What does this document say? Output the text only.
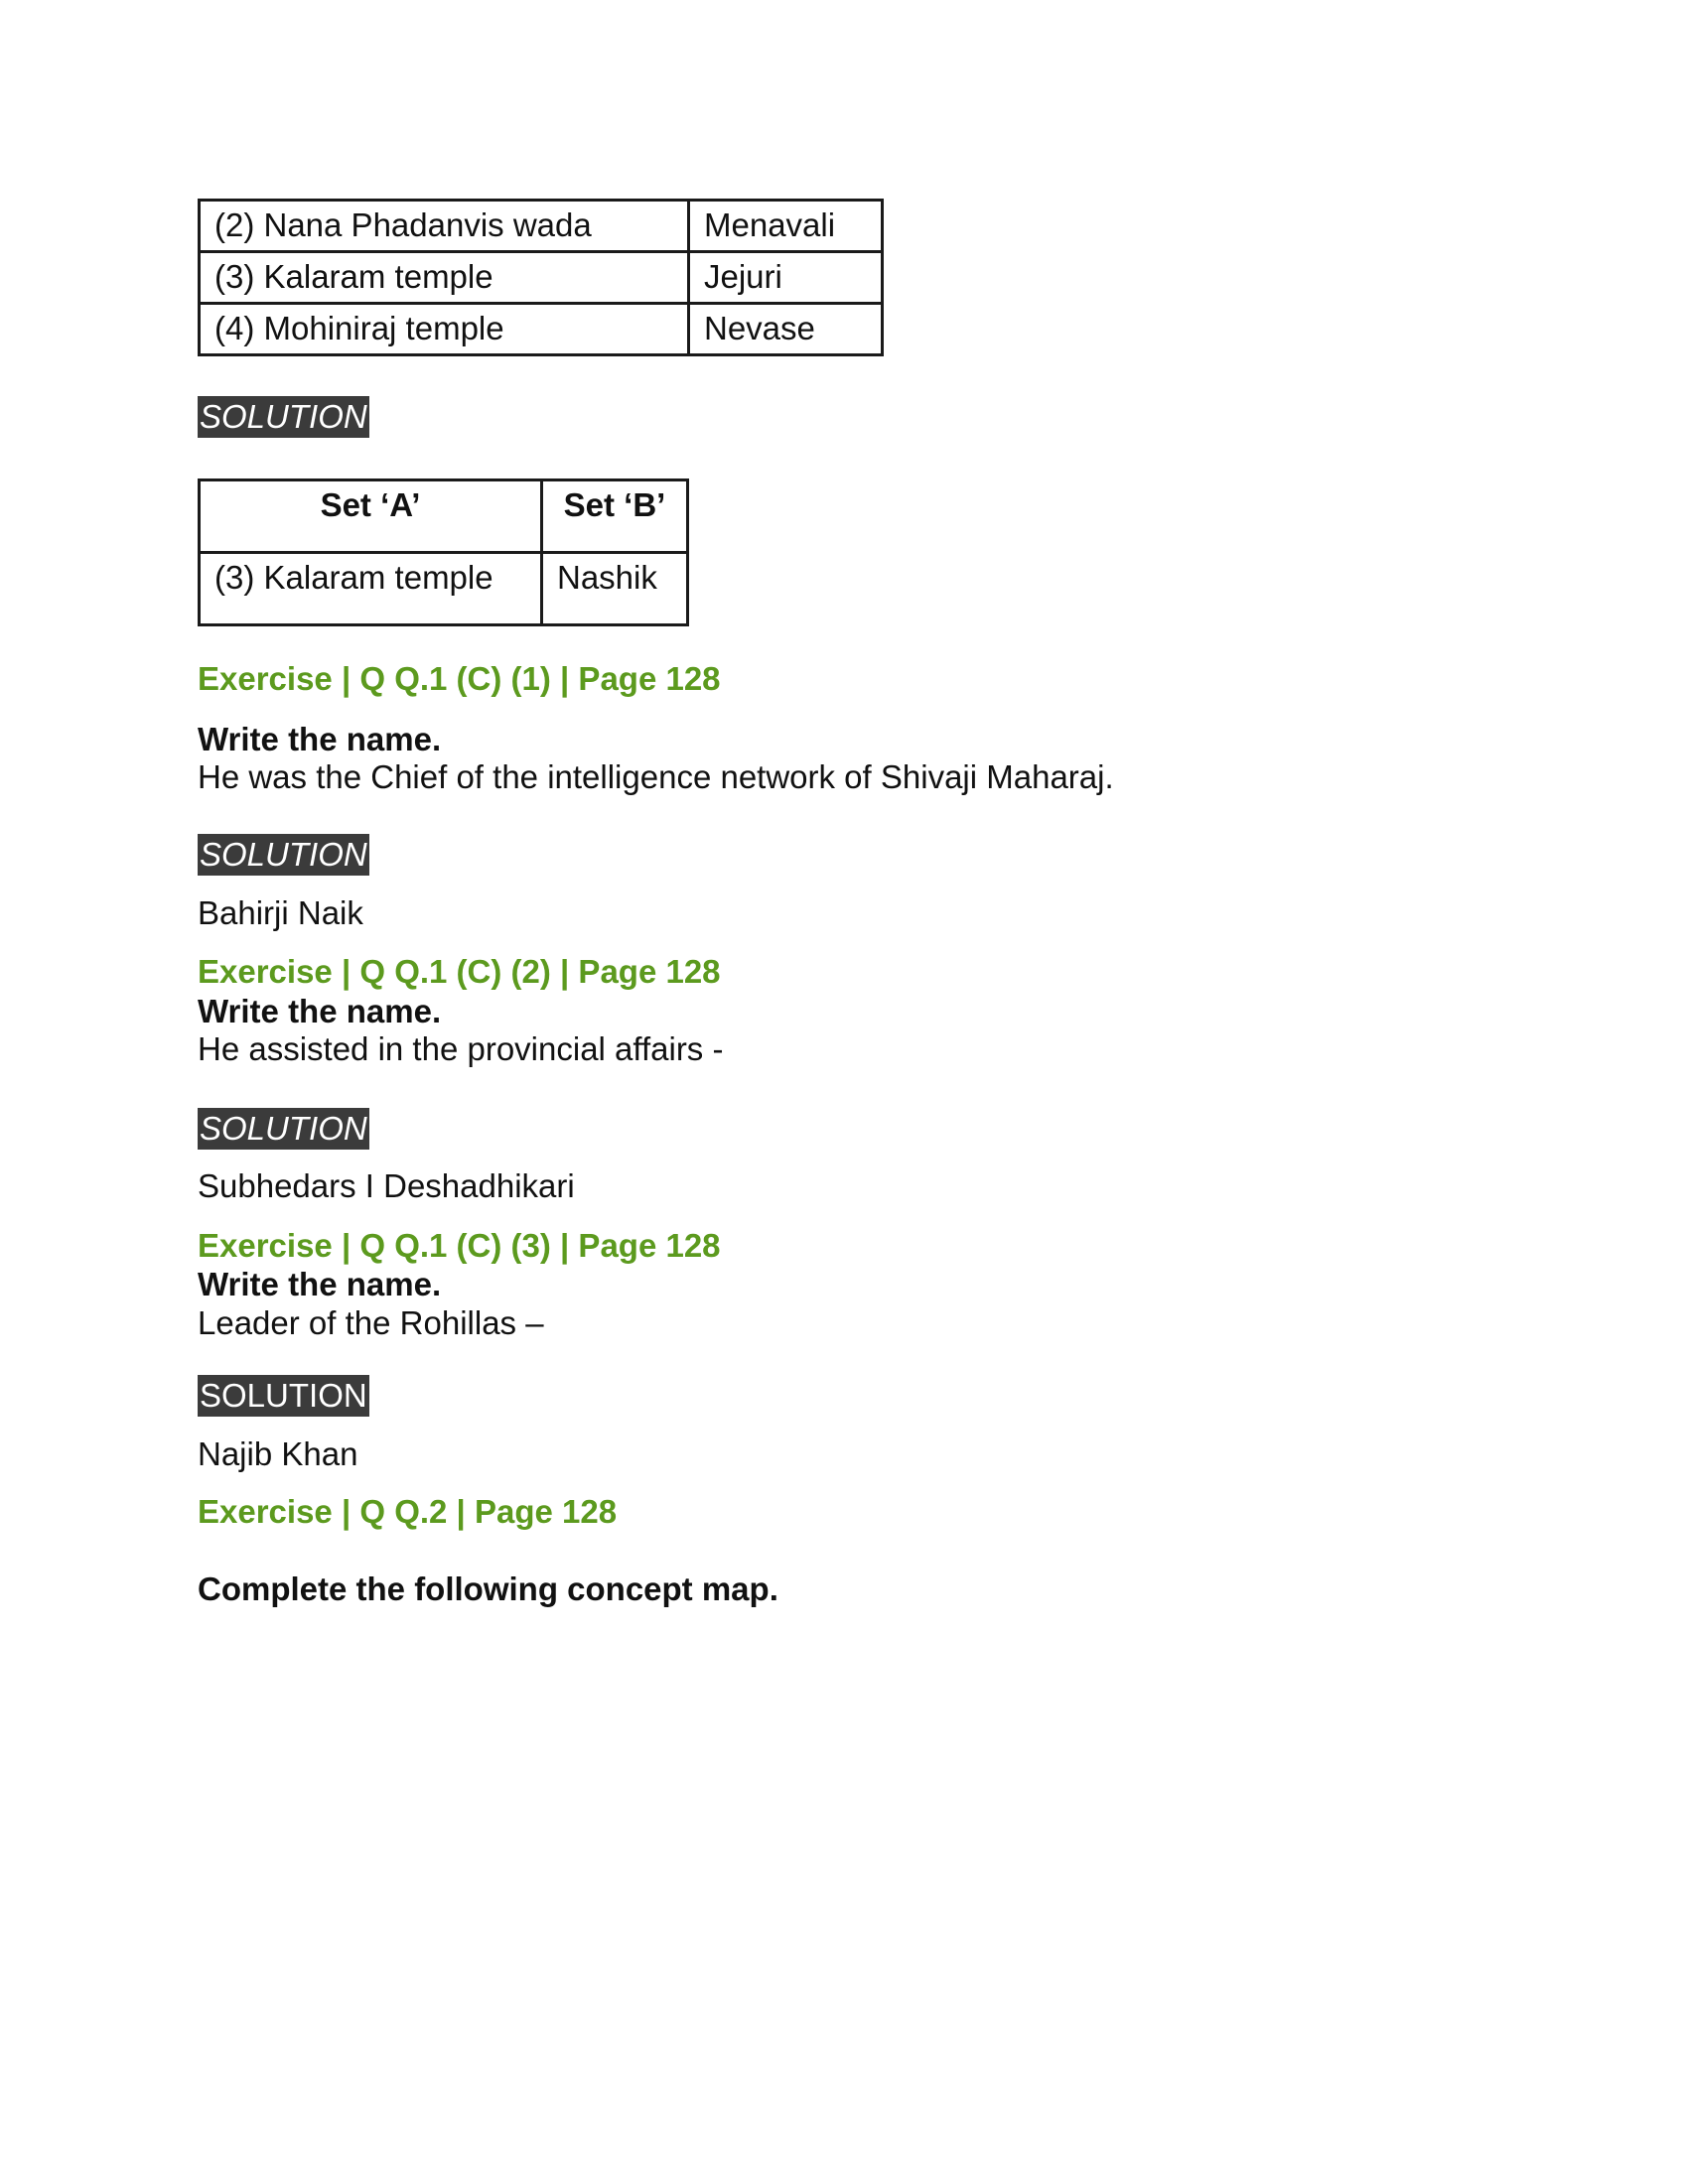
(2) Nana Phadanvis wada	Menavali
(3) Kalaram temple	Jejuri
(4) Mohiniraj temple	Nevase
SOLUTION
Set ‘A’	Set ‘B’
(3) Kalaram temple	Nashik
Exercise | Q Q.1 (C) (1) | Page 128
Write the name.
He was the Chief of the intelligence network of Shivaji Maharaj.
SOLUTION
Bahirji Naik
Exercise | Q Q.1 (C) (2) | Page 128
Write the name.
He assisted in the provincial affairs -
SOLUTION
Subhedars I Deshadhikari
Exercise | Q Q.1 (C) (3) | Page 128
Write the name.
Leader of the Rohillas –
SOLUTION
Najib Khan
Exercise | Q Q.2 | Page 128
Complete the following concept map.
